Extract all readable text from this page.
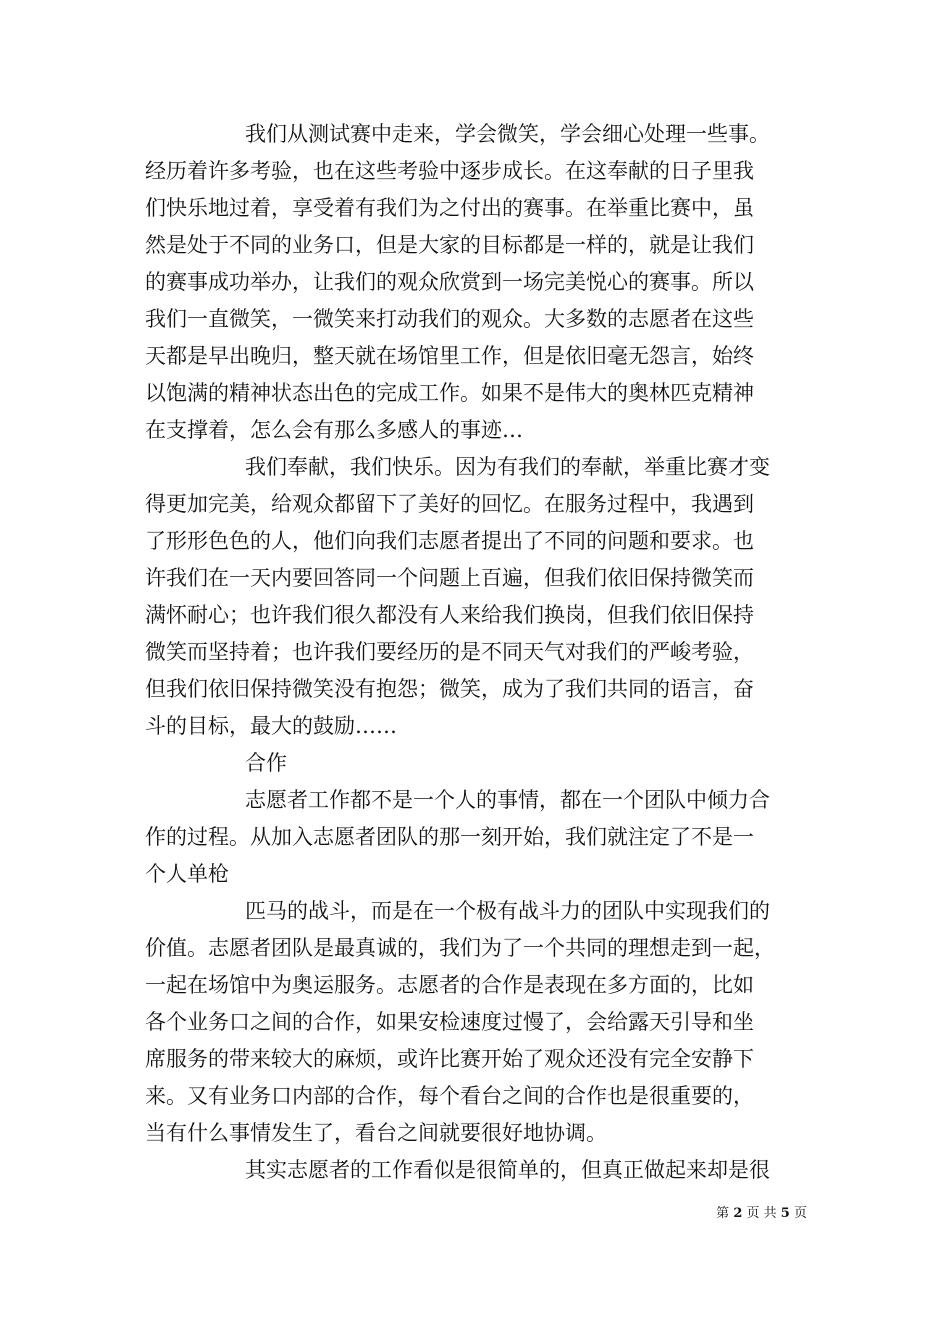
我们从测试赛中走来，学会微笑，学会细心处理一些事。
经历着许多考验，也在这些考验中逐步成长。在这奉献的日子里我
们快乐地过着，享受着有我们为之付出的赛事。在举重比赛中，虽
然是处于不同的业务口，但是大家的目标都是一样的，就是让我们
的赛事成功举办，让我们的观众欣赏到一场完美悦心的赛事。所以
我们一直微笑，一微笑来打动我们的观众。大多数的志愿者在这些
天都是早出晚归，整天就在场馆里工作，但是依旧毫无怨言，始终
以饱满的精神状态出色的完成工作。如果不是伟大的奥林匹克精神
在支撑着，怎么会有那么多感人的事迹…
我们奉献，我们快乐。因为有我们的奉献，举重比赛才变
得更加完美，给观众都留下了美好的回忆。在服务过程中，我遇到
了形形色色的人，他们向我们志愿者提出了不同的问题和要求。也
许我们在一天内要回答同一个问题上百遍，但我们依旧保持微笑而
满怀耐心；也许我们很久都没有人来给我们换岗，但我们依旧保持
微笑而坚持着；也许我们要经历的是不同天气对我们的严峻考验，
但我们依旧保持微笑没有抱怨；微笑，成为了我们共同的语言，奋
斗的目标，最大的鼓励……
合作
志愿者工作都不是一个人的事情，都在一个团队中倾力合
作的过程。从加入志愿者团队的那一刻开始，我们就注定了不是一
个人单枪
匹马的战斗，而是在一个极有战斗力的团队中实现我们的
价值。志愿者团队是最真诚的，我们为了一个共同的理想走到一起，
一起在场馆中为奥运服务。志愿者的合作是表现在多方面的，比如
各个业务口之间的合作，如果安检速度过慢了，会给露天引导和坐
席服务的带来较大的麻烦，或许比赛开始了观众还没有完全安静下
来。又有业务口内部的合作，每个看台之间的合作也是很重要的，
当有什么事情发生了，看台之间就要很好地协调。
其实志愿者的工作看似是很简单的，但真正做起来却是很
第 2 页 共 5 页
